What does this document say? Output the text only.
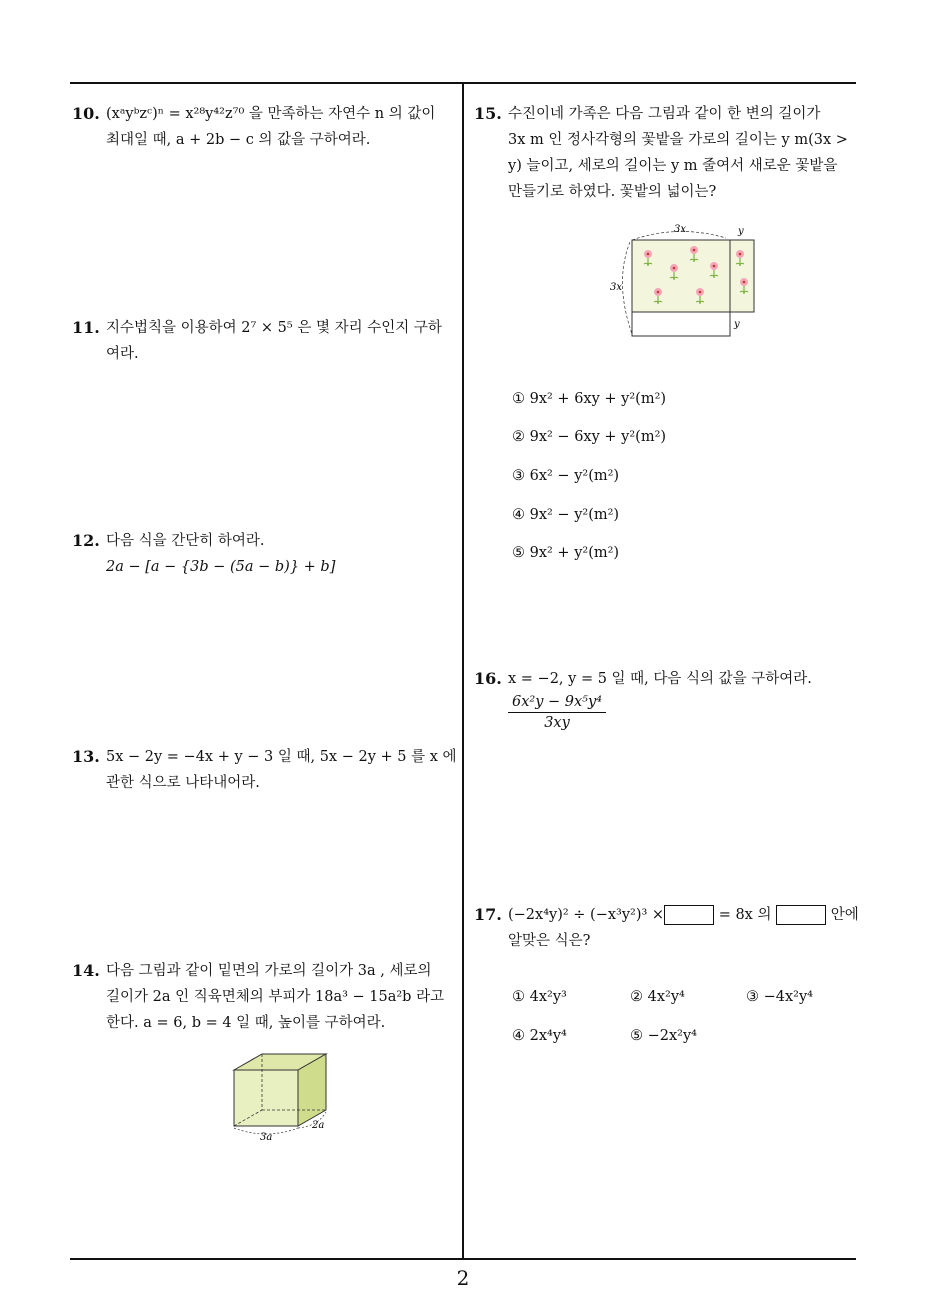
10. (xᵃyᵇzᶜ)ⁿ = x²⁸y⁴²z⁷⁰ 을 만족하는 자연수 n 의 값이
최대일 때, a + 2b − c 의 값을 구하여라.
11. 지수법칙을 이용하여 2⁷ × 5⁵ 은 몇 자리 수인지 구하
여라.
12. 다음 식을 간단히 하여라.
2a − [a − {3b − (5a − b)} + b]
13. 5x − 2y = −4x + y − 3 일 때, 5x − 2y + 5 를 x 에
관한 식으로 나타내어라.
14. 다음 그림과 같이 밑면의 가로의 길이가 3a , 세로의
길이가 2a 인 직육면체의 부피가 18a³ − 15a²b 라고
한다. a = 6, b = 4 일 때, 높이를 구하여라.
3a
2a
15. 수진이네 가족은 다음 그림과 같이 한 변의 길이가
3x m 인 정사각형의 꽃밭을 가로의 길이는 y m(3x >
y) 늘이고, 세로의 길이는 y m 줄여서 새로운 꽃밭을
만들기로 하였다. 꽃밭의 넓이는?
3x	y
3x
y
① 9x² + 6xy + y²(m²)
② 9x² − 6xy + y²(m²)
③ 6x² − y²(m²)
④ 9x² − y²(m²)
⑤ 9x² + y²(m²)
16. x = −2, y = 5 일 때, 다음 식의 값을 구하여라.

$\frac{\text{6x²y − 9x⁵y⁴}}{3xy}$
17. (−2x⁴y)² ÷ (−x³y²)³ ×	= 8x 의	안에
알맞은 식은?
① 4x²y³	② 4x²y⁴	③ −4x²y⁴
④ 2x⁴y⁴	⑤ −2x²y⁴
2
